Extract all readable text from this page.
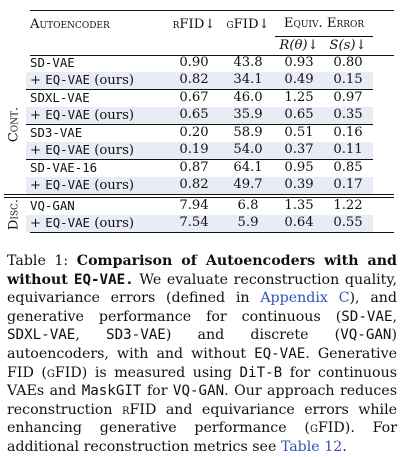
	Autoencoder	rFID↓	gFID↓	Equiv. Error	

				R(θ)↓	S(s)↓
	SD-VAE	0.90	43.8	0.93	0.80
	+ EQ-VAE (ours)	0.82	34.1	0.49	0.15
	SDXL-VAE	0.67	46.0	1.25	0.97
	+ EQ-VAE (ours)	0.65	35.9	0.65	0.35
	SD3-VAE	0.20	58.9	0.51	0.16
	+ EQ-VAE (ours)	0.19	54.0	0.37	0.11
	SD-VAE-16	0.87	64.1	0.95	0.85
	+ EQ-VAE (ours)	0.82	49.7	0.39	0.17
	VQ-GAN	7.94	6.8	1.35	1.22
	+ EQ-VAE (ours)	7.54	5.9	0.64	0.55
Cont.
Disc.
Table 1: Comparison of Autoencoders with and without EQ-VAE. We evaluate reconstruction quality, equivariance errors (defined in Appendix C), and generative performance for continuous (SD-VAE, SDXL-VAE, SD3-VAE) and discrete (VQ-GAN) autoencoders, with and without EQ-VAE. Generative FID (gFID) is measured using DiT-B for continuous VAEs and MaskGIT for VQ-GAN. Our approach reduces reconstruction rFID and equivariance errors while enhancing generative performance (gFID). For additional reconstruction metrics see Table 12.
